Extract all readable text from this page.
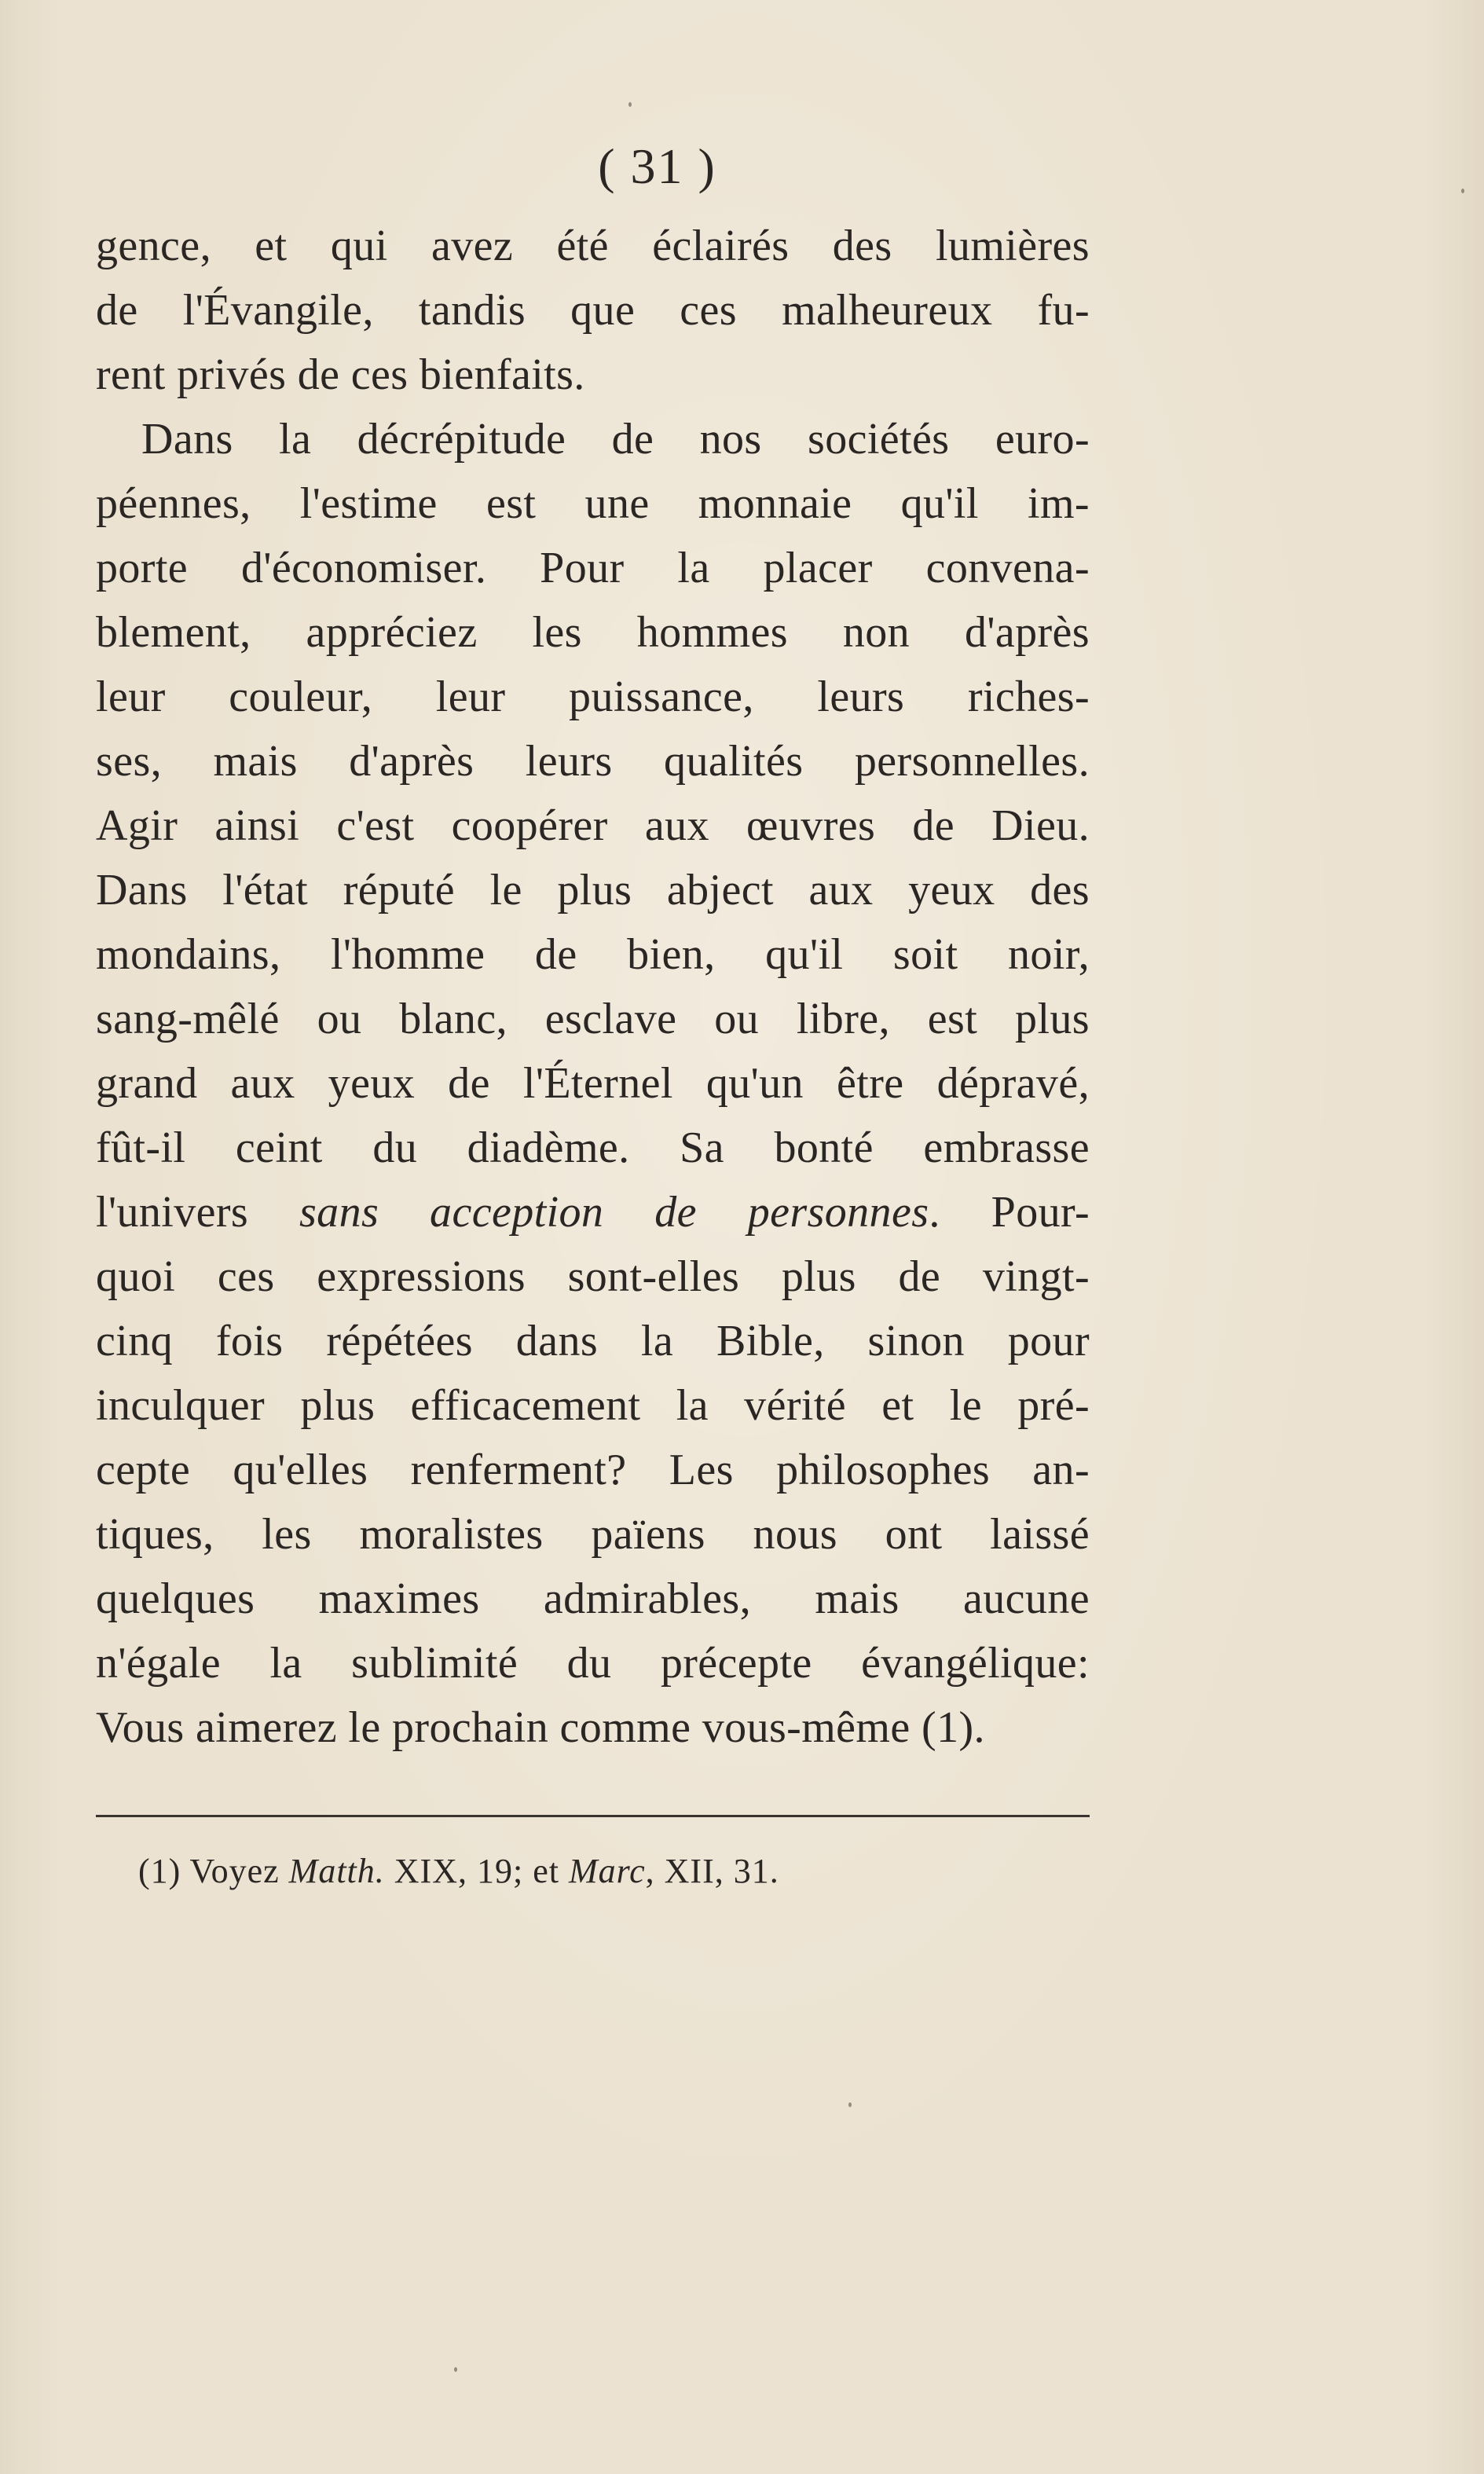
( 31 )
gence, et qui avez été éclairés des lumières
de l'Évangile, tandis que ces malheureux fu-
rent privés de ces bienfaits.
Dans la décrépitude de nos sociétés euro-
péennes, l'estime est une monnaie qu'il im-
porte d'économiser. Pour la placer convena-
blement, appréciez les hommes non d'après
leur couleur, leur puissance, leurs riches-
ses, mais d'après leurs qualités personnelles.
Agir ainsi c'est coopérer aux œuvres de Dieu.
Dans l'état réputé le plus abject aux yeux des
mondains, l'homme de bien, qu'il soit noir,
sang-mêlé ou blanc, esclave ou libre, est plus
grand aux yeux de l'Éternel qu'un être dépravé,
fût-il ceint du diadème. Sa bonté embrasse
l'univers sans acception de personnes. Pour-
quoi ces expressions sont-elles plus de vingt-
cinq fois répétées dans la Bible, sinon pour
inculquer plus efficacement la vérité et le pré-
cepte qu'elles renferment? Les philosophes an-
tiques, les moralistes païens nous ont laissé
quelques maximes admirables, mais aucune
n'égale la sublimité du précepte évangélique:
Vous aimerez le prochain comme vous-même (1).
(1) Voyez Matth. XIX, 19; et Marc, XII, 31.
